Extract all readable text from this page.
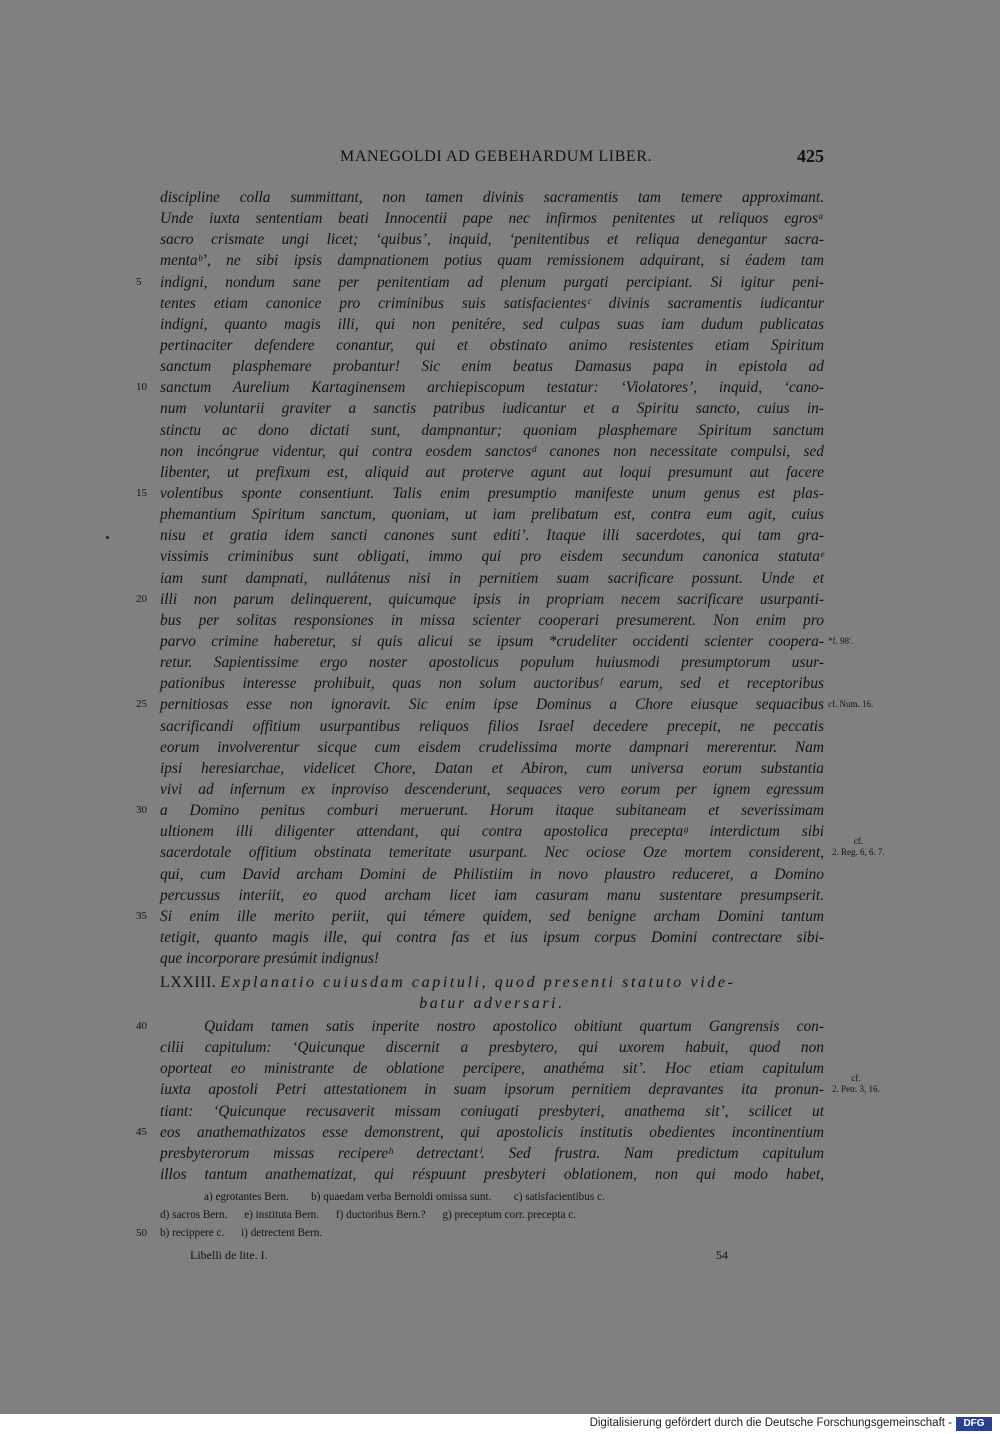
MANEGOLDI AD GEBEHARDUM LIBER.	425
discipline colla summittant, non tamen divinis sacramentis tam temere approximant.
Unde iuxta sententiam beati Innocentii pape nec infirmos penitentes ut reliquos egrosᵃ
sacro crismate ungi licet; ‘quibus’, inquid, ‘penitentibus et reliqua denegantur sacra-
mentaᵇ’, ne sibi ipsis dampnationem potius quam remissionem adquirant, si éadem tam
5 indigni, nondum sane per penitentiam ad plenum purgati percipiant. Si igitur peni-
tentes etiam canonice pro criminibus suis satisfacientesᶜ divinis sacramentis iudicantur
indigni, quanto magis illi, qui non penitére, sed culpas suas iam dudum publicatas
pertinaciter defendere conantur, qui et obstinato animo resistentes etiam Spiritum
sanctum plasphemare probantur! Sic enim beatus Damasus papa in epistola ad
10 sanctum Aurelium Kartaginensem archiepiscopum testatur: ‘Violatores’, inquid, ‘cano-
num voluntarii graviter a sanctis patribus iudicantur et a Spiritu sancto, cuius in-
stinctu ac dono dictati sunt, dampnantur; quoniam plasphemare Spiritum sanctum
non incóngrue videntur, qui contra eosdem sanctosᵈ canones non necessitate compulsi, sed
libenter, ut prefixum est, aliquid aut proterve agunt aut loqui presumunt aut facere
15 volentibus sponte consentiunt. Talis enim presumptio manifeste unum genus est plas-
phemantium Spiritum sanctum, quoniam, ut iam prelibatum est, contra eum agit, cuius
nisu et gratia idem sancti canones sunt editi’. Itaque illi sacerdotes, qui tam gra-
vissimis criminibus sunt obligati, immo qui pro eisdem secundum canonica statutaᵉ
iam sunt dampnati, nullátenus nisi in pernitiem suam sacrificare possunt. Unde et
20 illi non parum delinquerent, quicumque ipsis in propriam necem sacrificare usurpanti-
bus per solitas responsiones in missa scienter cooperari presumerent. Non enim pro
parvo crimine haberetur, si quis alicui se ipsum *crudeliter occidenti scienter coopera- *f. 98ʹ.
retur. Sapientissime ergo noster apostolicus populum huiusmodi presumptorum usur-
pationibus interesse prohibuit, quas non solum auctoribusᶠ earum, sed et receptoribus
25 pernitiosas esse non ignoravit. Sic enim ipse Dominus a Chore eiusque sequacibus cf. Num. 16.
sacrificandi offitium usurpantibus reliquos filios Israel decedere precepit, ne peccatis
eorum involverentur sicque cum eisdem crudelissima morte dampnari mererentur. Nam
ipsi heresiarchae, videlicet Chore, Datan et Abiron, cum universa eorum substantia
vivi ad infernum ex inproviso descenderunt, sequaces vero eorum per ignem egressum
30 a Domino penitus comburi meruerunt. Horum itaque subitaneam et severissimam
ultionem illi diligenter attendant, qui contra apostolica preceptaᵍ interdictum sibi
sacerdotale offitium obstinata temeritate usurpant. Nec ociose Oze mortem considerent,
cf.
2. Reg. 6, 6. 7.
qui, cum David archam Domini de Philistiim in novo plaustro reduceret, a Domino
percussus interiit, eo quod archam licet iam casuram manu sustentare presumpserit.
35 Si enim ille merito periit, qui témere quidem, sed benigne archam Domini tantum
tetigit, quanto magis ille, qui contra fas et ius ipsum corpus Domini contrectare sibi-
que incorporare presúmit indignus!
LXXIII. Explanatio cuiusdam capituli, quod presenti statuto vide-
batur adversari.
40	Quidam tamen satis inperite nostro apostolico obitiunt quartum Gangrensis con-
cilii capitulum: ‘Quicunque discernit a presbytero, qui uxorem habuit, quod non
oporteat eo ministrante de oblatione percipere, anathéma sit’. Hoc etiam capitulum
iuxta apostoli Petri attestationem in suam ipsorum pernitiem depravantes ita pronun-
cf.
2. Petr. 3, 16.
tiant: ‘Quicunque recusaverit missam coniugati presbyteri, anathema sit’, scilicet ut
45 eos anathemathizatos esse demonstrent, qui apostolicis institutis obedientes incontinentium
presbyterorum missas recipereʰ detrectantⁱ. Sed frustra. Nam predictum capitulum
illos tantum anathematizat, qui réspuunt presbyteri oblationem, non qui modo habet,
a) egrotantes Bern.        b) quaedam verba Bernoldi omissa sunt.        c) satisfacientibus c.
d) sacros Bern.      e) instituta Bern.      f) ductoribus Bern.?      g) preceptum corr. precepta c.
50 b) recippere c.      i) detrectent Bern.
Libelli de lite. I.	54
Digitalisierung gefördert durch die Deutsche Forschungsgemeinschaft -	DFG
